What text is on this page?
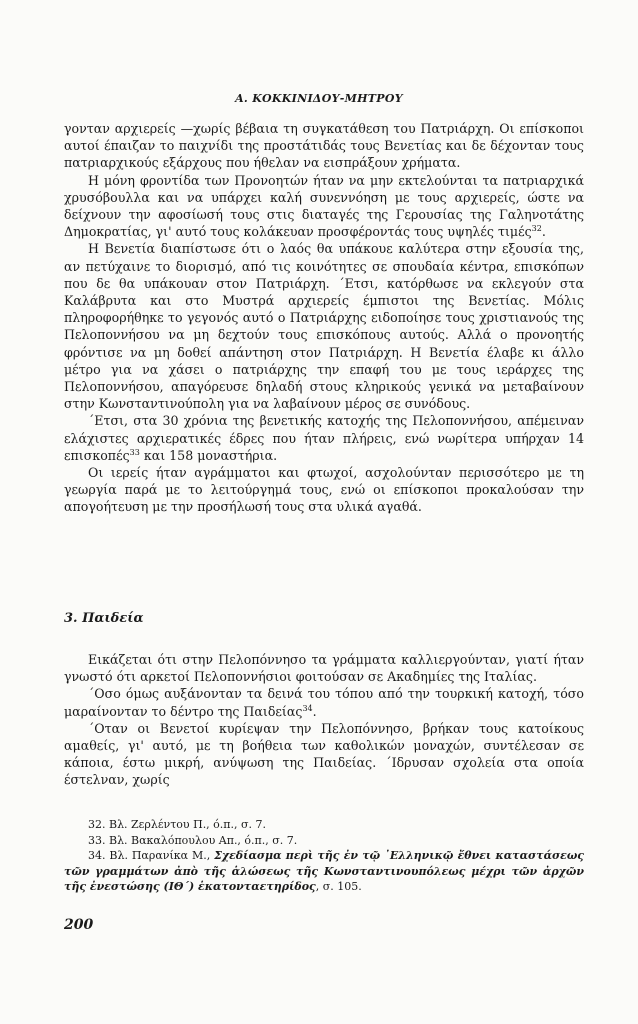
Α. ΚΟΚΚΙΝΙΔΟΥ-ΜΗΤΡΟΥ

γονταν αρχιερείς —χωρίς βέβαια τη συγκατάθεση του Πατριάρχη. Οι επίσκοποι αυτοί έπαιζαν το παιχνίδι της προστάτιδάς τους Βενετίας και δε δέχονταν τους πατριαρχικούς εξάρχους που ήθελαν να εισπράξουν χρήματα.

Η μόνη φροντίδα των Προνοητών ήταν να μην εκτελούνται τα πατριαρχικά χρυσόβουλλα και να υπάρχει καλή συνεννόηση με τους αρχιερείς, ώστε να δείχνουν την αφοσίωσή τους στις διαταγές της Γερουσίας της Γαληνοτάτης Δημοκρατίας, γι' αυτό τους κολάκευαν προσφέροντάς τους υψηλές τιμές$^{32}$.

Η Βενετία διαπίστωσε ότι ο λαός θα υπάκουε καλύτερα στην εξουσία της, αν πετύχαινε το διορισμό, από τις κοινότητες σε σπουδαία κέντρα, επισκόπων που δε θα υπάκουαν στον Πατριάρχη. ΄Ετσι, κατόρθωσε να εκλεγούν στα Καλάβρυτα και στο Μυστρά αρχιερείς έμπιστοι της Βενετίας. Μόλις πληροφορήθηκε το γεγονός αυτό ο Πατριάρχης ειδοποίησε τους χριστιανούς της Πελοποννήσου να μη δεχτούν τους επισκόπους αυτούς. Αλλά ο προνοητής φρόντισε να μη δοθεί απάντηση στον Πατριάρχη. Η Βενετία έλαβε κι άλλο μέτρο για να χάσει ο πατριάρχης την επαφή του με τους ιεράρχες της Πελοποννήσου, απαγόρευσε δηλαδή στους κληρικούς γενικά να μεταβαίνουν στην Κωνσταντινούπολη για να λαβαίνουν μέρος σε συνόδους.

΄Ετσι, στα 30 χρόνια της βενετικής κατοχής της Πελοποννήσου, απέμειναν ελάχιστες αρχιερατικές έδρες που ήταν πλήρεις, ενώ νωρίτερα υπήρχαν 14 επισκοπές$^{33}$ και 158 μοναστήρια.

Οι ιερείς ήταν αγράμματοι και φτωχοί, ασχολούνταν περισσότερο με τη γεωργία παρά με το λειτούργημά τους, ενώ οι επίσκοποι προκαλούσαν την απογοήτευση με την προσήλωσή τους στα υλικά αγαθά.

3. Παιδεία

Εικάζεται ότι στην Πελοπόννησο τα γράμματα καλλιεργούνταν, γιατί ήταν γνωστό ότι αρκετοί Πελοποννήσιοι φοιτούσαν σε Ακαδημίες της Ιταλίας.

΄Οσο όμως αυξάνονταν τα δεινά του τόπου από την τουρκική κατοχή, τόσο μαραίνονταν το δέντρο της Παιδείας$^{34}$.

΄Οταν οι Βενετοί κυρίεψαν την Πελοπόννησο, βρήκαν τους κατοίκους αμαθείς, γι' αυτό, με τη βοήθεια των καθολικών μοναχών, συντέλεσαν σε κάποια, έστω μικρή, ανύψωση της Παιδείας. ΄Ιδρυσαν σχολεία στα οποία έστελναν, χωρίς

32. Βλ. Ζερλέντου Π., ό.π., σ. 7.

33. Βλ. Βακαλόπουλου Απ., ό.π., σ. 7.

34. Βλ. Παρανίκα Μ., Σχεδίασμα περὶ τῆς ἐν τῷ ᾽Ελληνικῷ ἔθνει καταστάσεως τῶν γραμμάτων ἀπὸ τῆς ἁλώσεως τῆς Κωνσταντινουπόλεως μέχρι τῶν ἀρχῶν τῆς ἐνεστώσης (ΙΘ΄) ἑκατονταετηρίδος, σ. 105.

200
